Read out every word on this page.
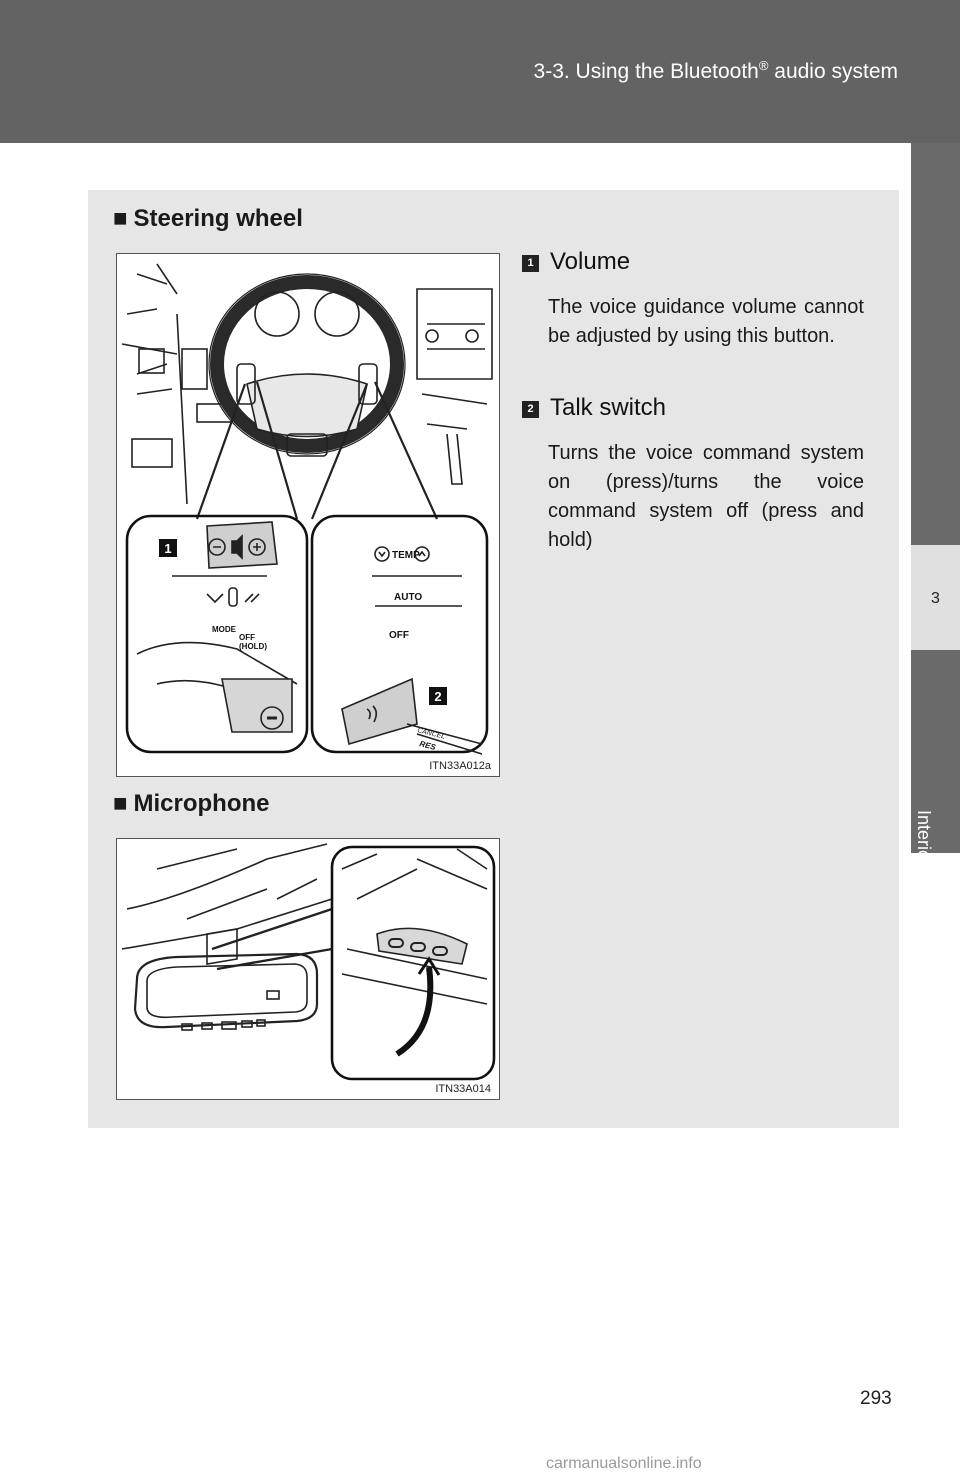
3-3. Using the Bluetooth® audio system
3
Interior features
■ Steering wheel
TEMP
AUTO
OFF
MODE
OFF
(HOLD)
CANCEL
RES
1
2
ITN33A012a
1 Volume
The voice guidance volume cannot be adjusted by using this button.
2 Talk switch
Turns the voice command system on (press)/turns the voice command system off (press and hold)
■ Microphone
ITN33A014
293
carmanualsonline.info
